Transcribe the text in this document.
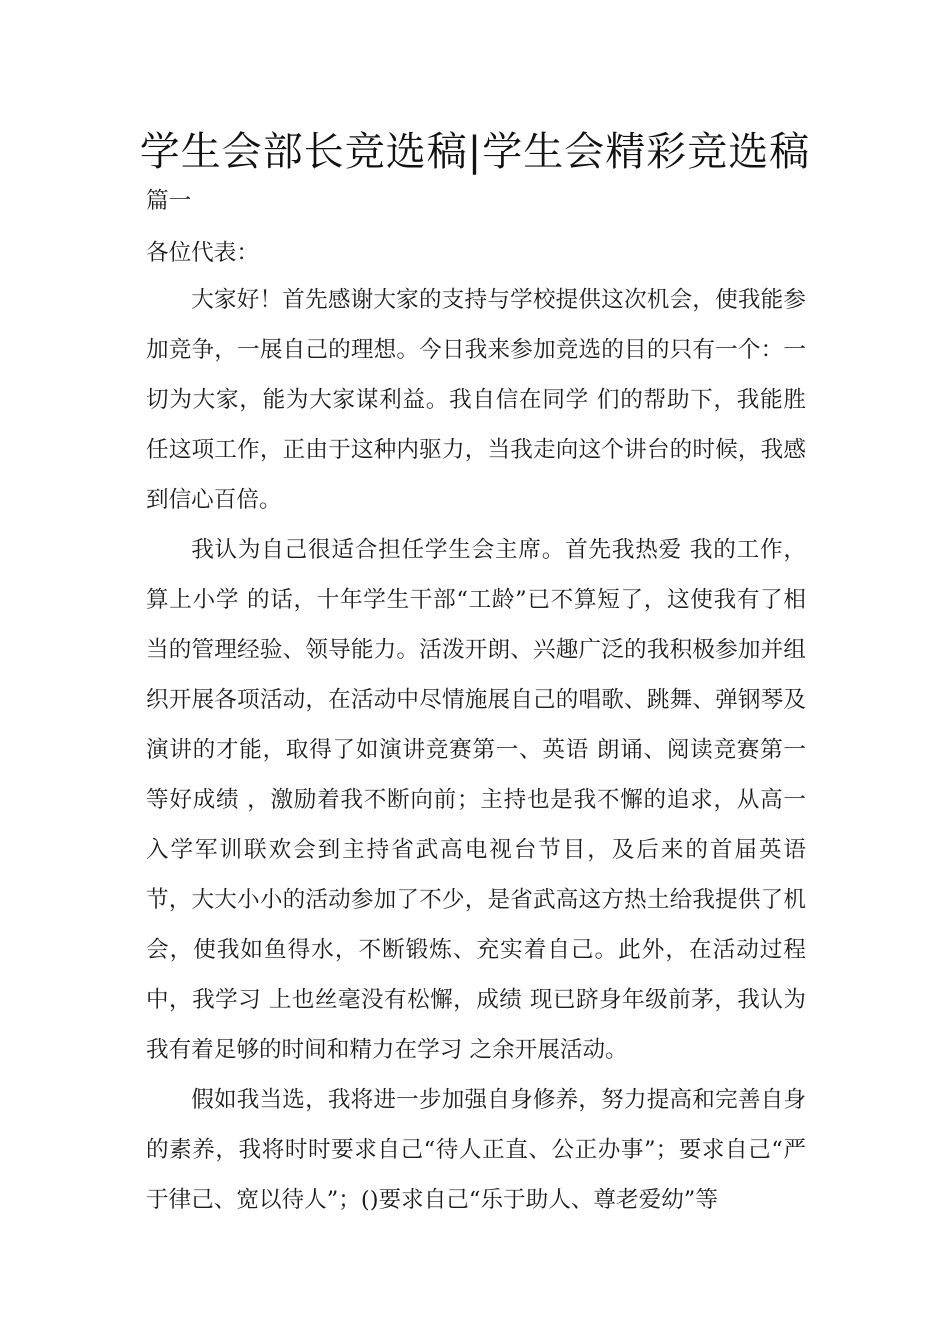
学生会部长竞选稿|学生会精彩竞选稿
篇一
各位代表：

大家好！首先感谢大家的支持与学校提供这次机会，使我能参加竞争，一展自己的理想。今日我来参加竞选的目的只有一个：一切为大家，能为大家谋利益。我自信在同学 们的帮助下，我能胜任这项工作，正由于这种内驱力，当我走向这个讲台的时候，我感到信心百倍。

我认为自己很适合担任学生会主席。首先我热爱 我的工作，算上小学 的话，十年学生干部“工龄”已不算短了，这使我有了相当的管理经验、领导能力。活泼开朗、兴趣广泛的我积极参加并组织开展各项活动，在活动中尽情施展自己的唱歌、跳舞、弹钢琴及演讲的才能，取得了如演讲竞赛第一、英语 朗诵、阅读竞赛第一等好成绩 ，激励着我不断向前；主持也是我不懈的追求，从高一入学军训联欢会到主持省武高电视台节目，及后来的首届英语 节，大大小小的活动参加了不少，是省武高这方热土给我提供了机会，使我如鱼得水，不断锻炼、充实着自己。此外，在活动过程中，我学习 上也丝毫没有松懈，成绩 现已跻身年级前茅，我认为我有着足够的时间和精力在学习 之余开展活动。

假如我当选，我将进一步加强自身修养，努力提高和完善自身的素养，我将时时要求自己“待人正直、公正办事”；要求自己“严于律己、宽以待人”；()要求自己“乐于助人、尊老爱幼”等
